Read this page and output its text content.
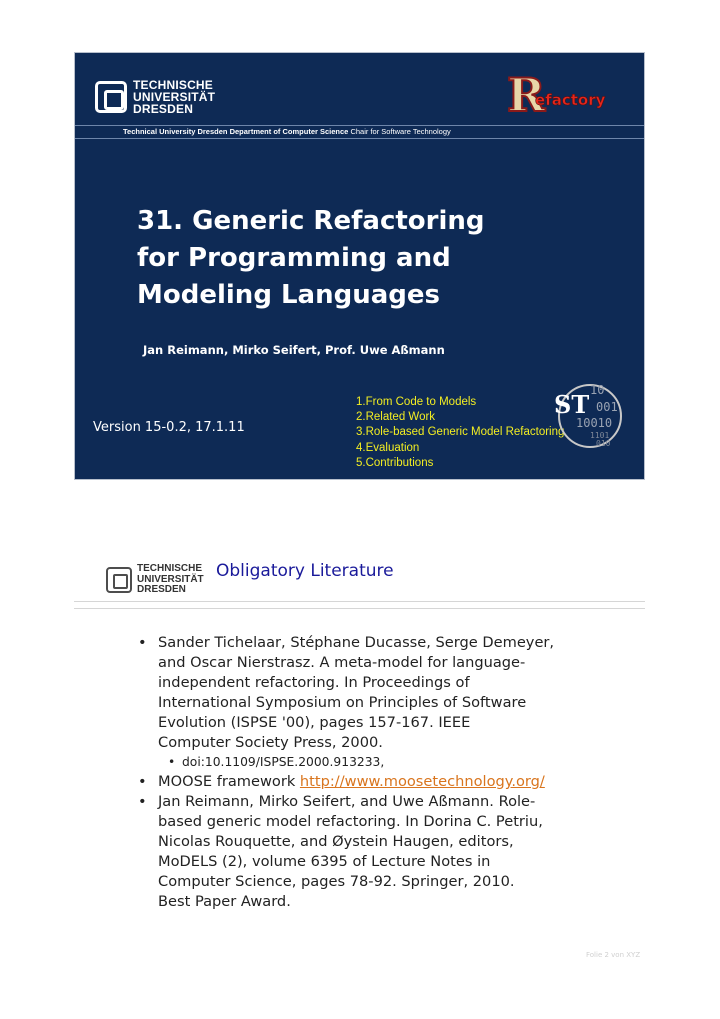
TECHNISCHE
UNIVERSITÄT
DRESDEN	R
efactory
Technical University Dresden Department of Computer Science Chair for Software Technology
31. Generic Refactoring
for Programming and
Modeling Languages
Jan Reimann, Mirko Seifert, Prof. Uwe Aßmann
Version 15-0.2, 17.1.11
1.From Code to Models
2.Related Work
3.Role-based Generic Model Refactoring
4.Evaluation
5.Contributions
10
001
10010
1101
010
ST
TECHNISCHE
UNIVERSITÄT
DRESDEN
Obligatory Literature
• Sander Tichelaar, Stéphane Ducasse, Serge Demeyer,
and Oscar Nierstrasz. A meta-model for language-
independent refactoring. In Proceedings of
International Symposium on Principles of Software
Evolution (ISPSE '00), pages 157-167. IEEE
Computer Society Press, 2000.
• doi:10.1109/ISPSE.2000.913233,
• MOOSE framework http://www.moosetechnology.org/
• Jan Reimann, Mirko Seifert, and Uwe Aßmann. Role-
based generic model refactoring. In Dorina C. Petriu,
Nicolas Rouquette, and Øystein Haugen, editors,
MoDELS (2), volume 6395 of Lecture Notes in
Computer Science, pages 78-92. Springer, 2010.
Best Paper Award.
Folie 2 von XYZ
